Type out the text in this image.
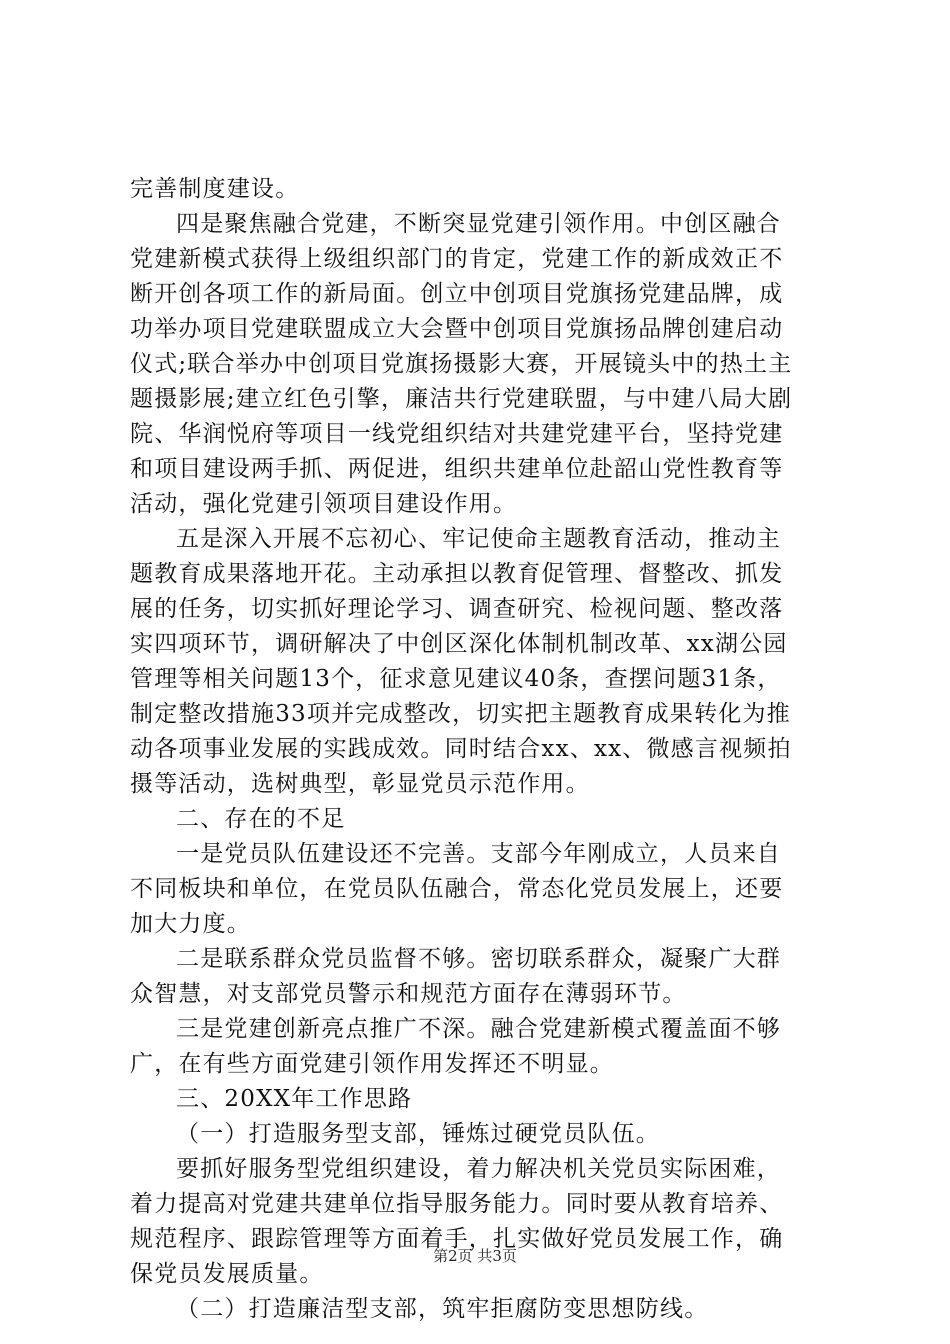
完善制度建设。
四是聚焦融合党建，不断突显党建引领作用。中创区融合
党建新模式获得上级组织部门的肯定，党建工作的新成效正不
断开创各项工作的新局面。创立中创项目党旗扬党建品牌，成
功举办项目党建联盟成立大会暨中创项目党旗扬品牌创建启动
仪式;联合举办中创项目党旗扬摄影大赛，开展镜头中的热土主
题摄影展;建立红色引擎，廉洁共行党建联盟，与中建八局大剧
院、华润悦府等项目一线党组织结对共建党建平台，坚持党建
和项目建设两手抓、两促进，组织共建单位赴韶山党性教育等
活动，强化党建引领项目建设作用。
五是深入开展不忘初心、牢记使命主题教育活动，推动主
题教育成果落地开花。主动承担以教育促管理、督整改、抓发
展的任务，切实抓好理论学习、调查研究、检视问题、整改落
实四项环节，调研解决了中创区深化体制机制改革、xx湖公园
管理等相关问题13个，征求意见建议40条，查摆问题31条，
制定整改措施33项并完成整改，切实把主题教育成果转化为推
动各项事业发展的实践成效。同时结合xx、xx、微感言视频拍
摄等活动，选树典型，彰显党员示范作用。
二、存在的不足
一是党员队伍建设还不完善。支部今年刚成立，人员来自
不同板块和单位，在党员队伍融合，常态化党员发展上，还要
加大力度。
二是联系群众党员监督不够。密切联系群众，凝聚广大群
众智慧，对支部党员警示和规范方面存在薄弱环节。
三是党建创新亮点推广不深。融合党建新模式覆盖面不够
广，在有些方面党建引领作用发挥还不明显。
三、20XX年工作思路
（一）打造服务型支部，锤炼过硬党员队伍。
要抓好服务型党组织建设，着力解决机关党员实际困难，
着力提高对党建共建单位指导服务能力。同时要从教育培养、
规范程序、跟踪管理等方面着手，扎实做好党员发展工作，确
保党员发展质量。
（二）打造廉洁型支部，筑牢拒腐防变思想防线。
第2页 共3页
